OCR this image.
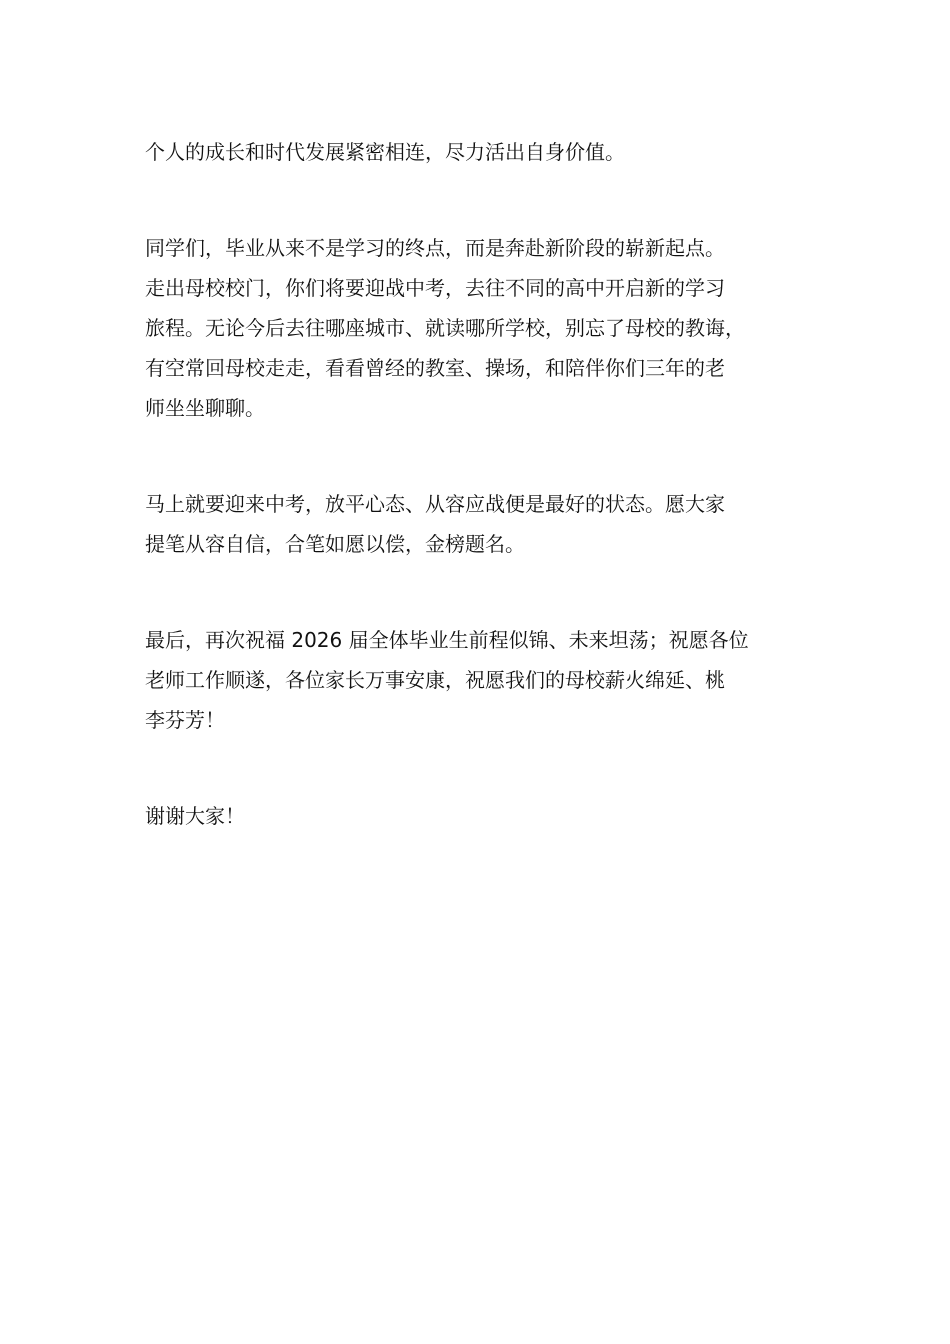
个人的成长和时代发展紧密相连，尽力活出自身价值。

同学们，毕业从来不是学习的终点，而是奔赴新阶段的崭新起点。
走出母校校门，你们将要迎战中考，去往不同的高中开启新的学习
旅程。无论今后去往哪座城市、就读哪所学校，别忘了母校的教诲，
有空常回母校走走，看看曾经的教室、操场，和陪伴你们三年的老
师坐坐聊聊。

马上就要迎来中考，放平心态、从容应战便是最好的状态。愿大家
提笔从容自信，合笔如愿以偿，金榜题名。

最后，再次祝福 2026 届全体毕业生前程似锦、未来坦荡；祝愿各位
老师工作顺遂，各位家长万事安康，祝愿我们的母校薪火绵延、桃
李芬芳！

谢谢大家！
